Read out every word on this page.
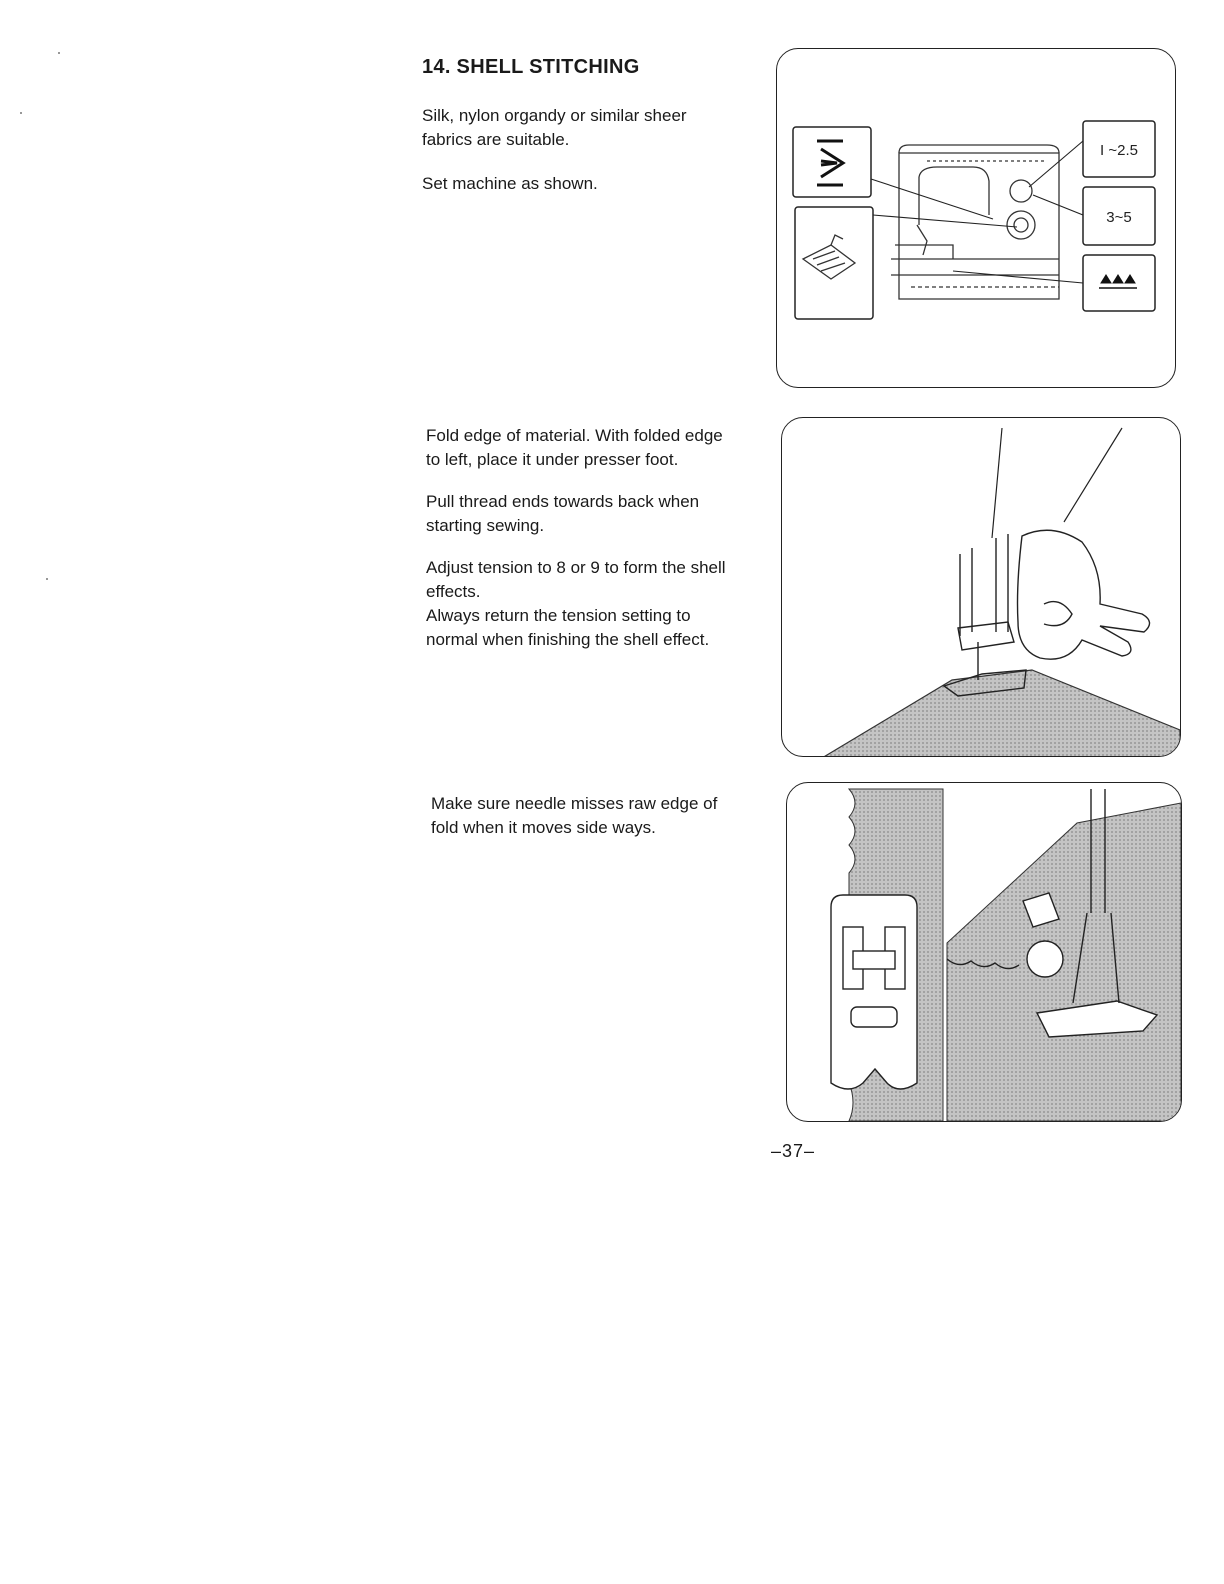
14. SHELL STITCHING

Silk, nylon organdy or similar sheer fabrics are suitable.

Set machine as shown.

Fold edge of material. With folded edge to left, place it under presser foot.

Pull thread ends towards back when starting sewing.

Adjust tension to 8 or 9 to form the shell effects.

Always return the tension setting to normal when finishing the shell effect.

Make sure needle misses raw edge of fold when it moves side ways.

I ~2.5
3~5
–37–
